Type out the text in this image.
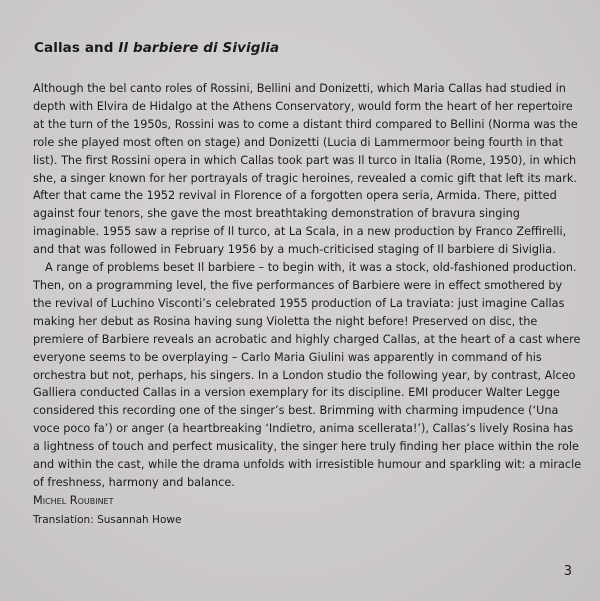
Callas and Il barbiere di Siviglia

Although the bel canto roles of Rossini, Bellini and Donizetti, which Maria Callas had studied in
depth with Elvira de Hidalgo at the Athens Conservatory, would form the heart of her repertoire
at the turn of the 1950s, Rossini was to come a distant third compared to Bellini (Norma was the
role she played most often on stage) and Donizetti (Lucia di Lammermoor being fourth in that
list). The first Rossini opera in which Callas took part was Il turco in Italia (Rome, 1950), in which
she, a singer known for her portrayals of tragic heroines, revealed a comic gift that left its mark.
After that came the 1952 revival in Florence of a forgotten opera seria, Armida. There, pitted
against four tenors, she gave the most breathtaking demonstration of bravura singing
imaginable. 1955 saw a reprise of Il turco, at La Scala, in a new production by Franco Zeffirelli,
and that was followed in February 1956 by a much-criticised staging of Il barbiere di Siviglia.

A range of problems beset Il barbiere – to begin with, it was a stock, old-fashioned production.
Then, on a programming level, the five performances of Barbiere were in effect smothered by
the revival of Luchino Visconti’s celebrated 1955 production of La traviata: just imagine Callas
making her debut as Rosina having sung Violetta the night before! Preserved on disc, the
premiere of Barbiere reveals an acrobatic and highly charged Callas, at the heart of a cast where
everyone seems to be overplaying – Carlo Maria Giulini was apparently in command of his
orchestra but not, perhaps, his singers. In a London studio the following year, by contrast, Alceo
Galliera conducted Callas in a version exemplary for its discipline. EMI producer Walter Legge
considered this recording one of the singer’s best. Brimming with charming impudence (‘Una
voce poco fa’) or anger (a heartbreaking ‘Indietro, anima scellerata!’), Callas’s lively Rosina has
a lightness of touch and perfect musicality, the singer here truly finding her place within the role
and within the cast, while the drama unfolds with irresistible humour and sparkling wit: a miracle
of freshness, harmony and balance.

Michel Roubinet
Translation: Susannah Howe
3
